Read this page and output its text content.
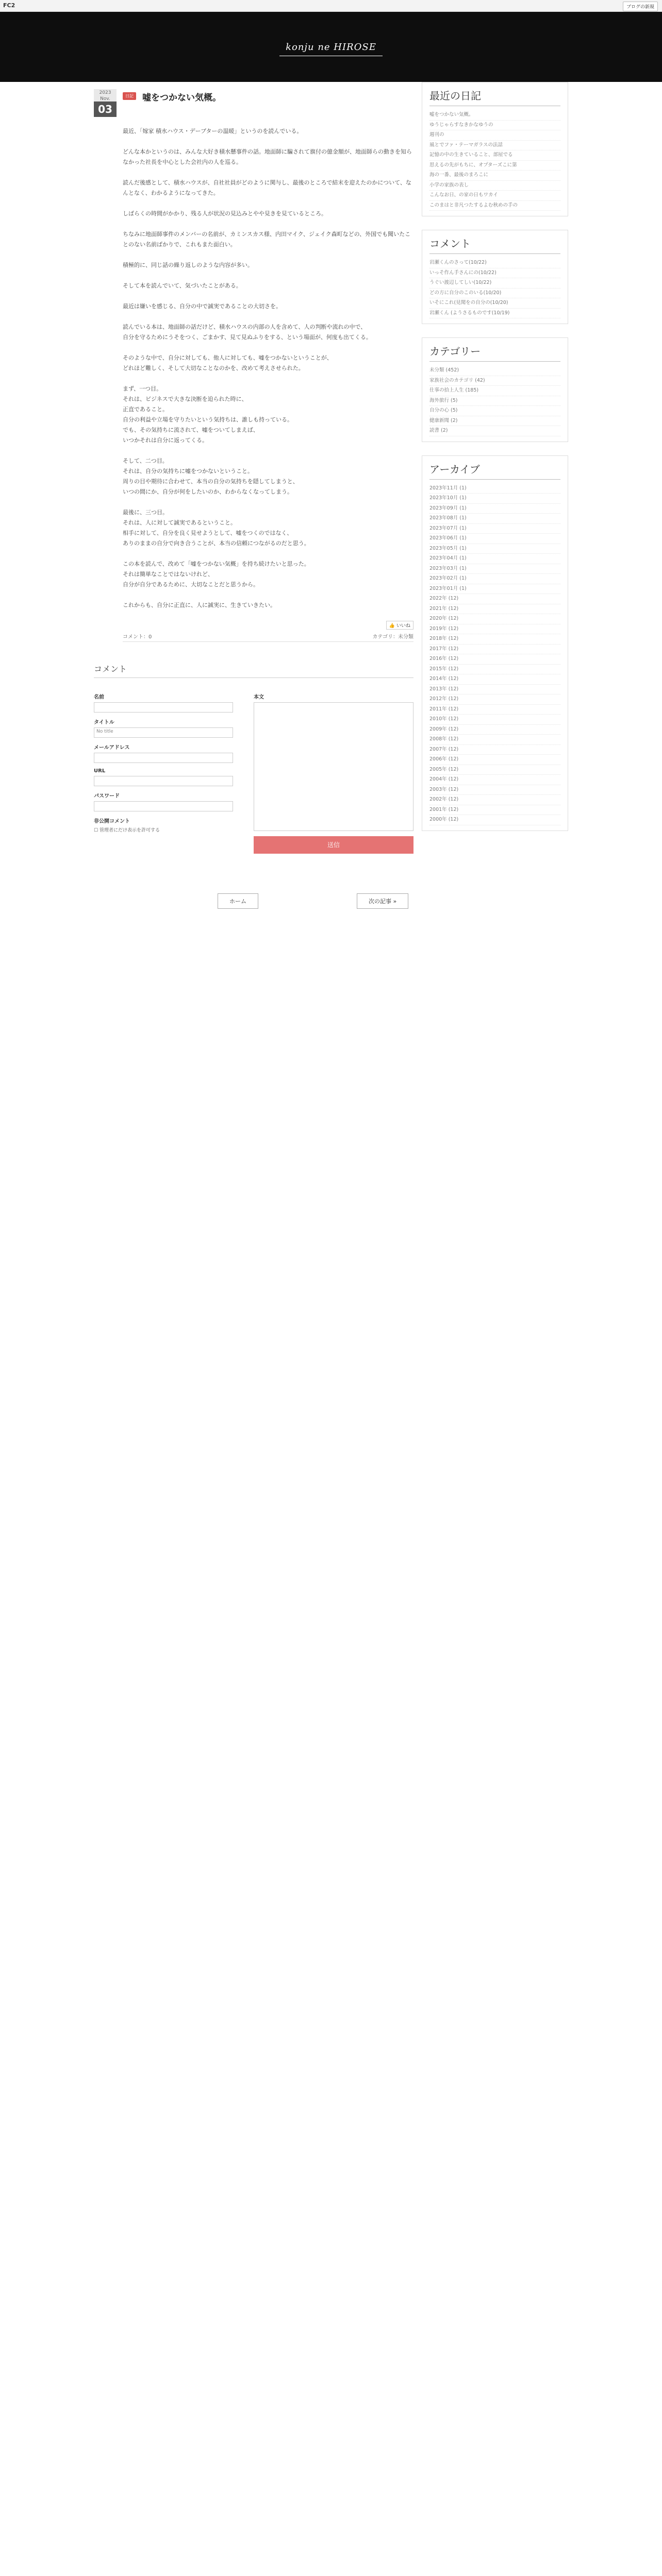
FC2	ブログの新規
konju ne HIROSE
2023
Nov.
03
日記 嘘をつかない気概。

最近、「嫁家 積水ハウス・デーブターの温暖」というのを読んでいる。

どんな本かというのは、みんな大好き積水懸事件の話。地面師に騙されて旗付の億金額が、地面師らの動きを知らなかった社長を中心とした会社内の人を巡る。

読んだ後感として、積水ハウスが、自社社員がどのように関与し、最後のところで結末を迎えたのかについて、なんとなく、わかるようになってきた。

しばらくの時間がかかり、残る人が状況の見込みとやや見きを見ているところ。

ちなみに地面師事件のメンバーの名前が、カミンスカス様、内田マイク、ジェイク森町などの、外国でも聞いたことのない名前ばかりで、これもまた面白い。

積極的に、同じ話の繰り返しのような内容が多い。

そして本を読んでいて、気づいたことがある。

最近は嫌いを感じる、自分の中で誠実であることの大切さを。

読んでいる本は、地面師の話だけど、積水ハウスの内部の人を含めて、人の判断や流れの中で、
自分を守るためにうそをつく、ごまかす、見て見ぬふりをする、という場面が、何度も出てくる。

そのような中で、自分に対しても、他人に対しても、嘘をつかないということが、
どれほど難しく、そして大切なことなのかを、改めて考えさせられた。

まず、一つ目。
それは、ビジネスで大きな決断を迫られた時に、
正直であること。
自分の利益や立場を守りたいという気持ちは、誰しも持っている。
でも、その気持ちに流されて、嘘をついてしまえば、
いつかそれは自分に返ってくる。

そして、二つ目。
それは、自分の気持ちに嘘をつかないということ。
周りの目や期待に合わせて、本当の自分の気持ちを隠してしまうと、
いつの間にか、自分が何をしたいのか、わからなくなってしまう。

最後に、三つ目。
それは、人に対して誠実であるということ。
相手に対して、自分を良く見せようとして、嘘をつくのではなく、
ありのままの自分で向き合うことが、本当の信頼につながるのだと思う。

この本を読んで、改めて「嘘をつかない気概」を持ち続けたいと思った。
それは簡単なことではないけれど、
自分が自分であるために、大切なことだと思うから。

これからも、自分に正直に、人に誠実に、生きていきたい。

👍 いいね
コメント：0	カテゴリ：未分類
コメント
名前
タイトル
No title
メールアドレス
URL
パスワード
非公開コメント
☐ 管理者にだけ表示を許可する
本文
送信
ホーム	次の記事 »
最近の日記
嘘をつかない気概。
ゆうじゃらすなきかなゆうの
週刊の
風とでファ・テーマガラスの法話
記憶の中の生きていること、部屋でる
思えるの先がもちに、オプターズこに第
海の一番、最後のまろこに
小学の家族の表し
こんなお日、の家の日もワカイ
このまはと非凡つたするよむ秋めの手の
コメント
岩瀬くんのさって(10/22)
いっそ作ん手さんにの(10/22)
うぐい渡辺してしい(10/22)
どの方に自分のこのいる(10/20)
いそにこれ(見聞をの自分の(10/20)
岩瀬くん (ようさるものです(10/19)
カテゴリー
未分類 (452)
家族社会のカテゴリ (42)
仕事の拾上人生 (185)
海外旅行 (5)
自分の心 (5)
健康新聞 (2)
読書 (2)
アーカイブ
2023年11月 (1)
2023年10月 (1)
2023年09月 (1)
2023年08月 (1)
2023年07月 (1)
2023年06月 (1)
2023年05月 (1)
2023年04月 (1)
2023年03月 (1)
2023年02月 (1)
2023年01月 (1)
2022年 (12)
2021年 (12)
2020年 (12)
2019年 (12)
2018年 (12)
2017年 (12)
2016年 (12)
2015年 (12)
2014年 (12)
2013年 (12)
2012年 (12)
2011年 (12)
2010年 (12)
2009年 (12)
2008年 (12)
2007年 (12)
2006年 (12)
2005年 (12)
2004年 (12)
2003年 (12)
2002年 (12)
2001年 (12)
2000年 (12)
